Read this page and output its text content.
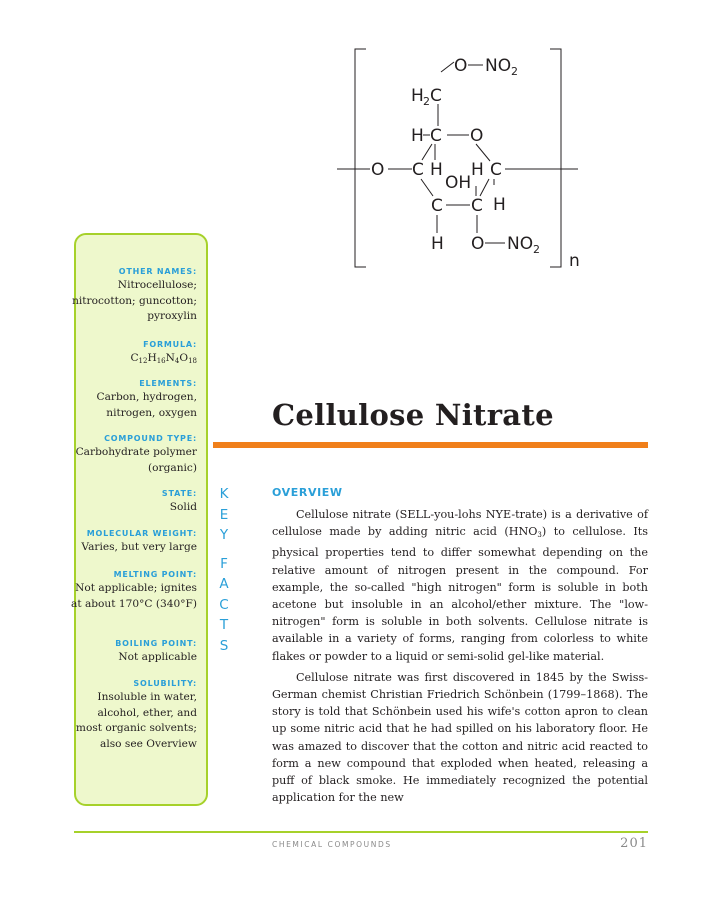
O NO 2
H 2 C
H C O
O C H H C
OH
C C H
H O NO 2
n
OTHER NAMES:
Nitrocellulose; nitrocotton; guncotton; pyroxylin
FORMULA:
C12H16N4O18
ELEMENTS:
Carbon, hydrogen, nitrogen, oxygen
COMPOUND TYPE:
Carbohydrate polymer (organic)
STATE:
Solid
MOLECULAR WEIGHT:
Varies, but very large
MELTING POINT:
Not applicable; ignites at about 170°C (340°F)
BOILING POINT:
Not applicable
SOLUBILITY:
Insoluble in water, alcohol, ether, and most organic solvents; also see Overview
K
E
Y
F
A
C
T
S
Cellulose Nitrate
OVERVIEW

Cellulose nitrate (SELL-you-lohs NYE-trate) is a derivative of cellulose made by adding nitric acid (HNO3) to cellulose. Its physical properties tend to differ somewhat depending on the relative amount of nitrogen present in the compound. For example, the so-called "high nitrogen" form is soluble in both acetone but insoluble in an alcohol/ether mixture. The "low-nitrogen" form is soluble in both solvents. Cellulose nitrate is available in a variety of forms, ranging from colorless to white flakes or powder to a liquid or semi-solid gel-like material.

Cellulose nitrate was first discovered in 1845 by the Swiss-German chemist Christian Friedrich Schönbein (1799–1868). The story is told that Schönbein used his wife's cotton apron to clean up some nitric acid that he had spilled on his laboratory floor. He was amazed to discover that the cotton and nitric acid reacted to form a new compound that exploded when heated, releasing a puff of black smoke. He immediately recognized the potential application for the new

CHEMICAL COMPOUNDS	201
